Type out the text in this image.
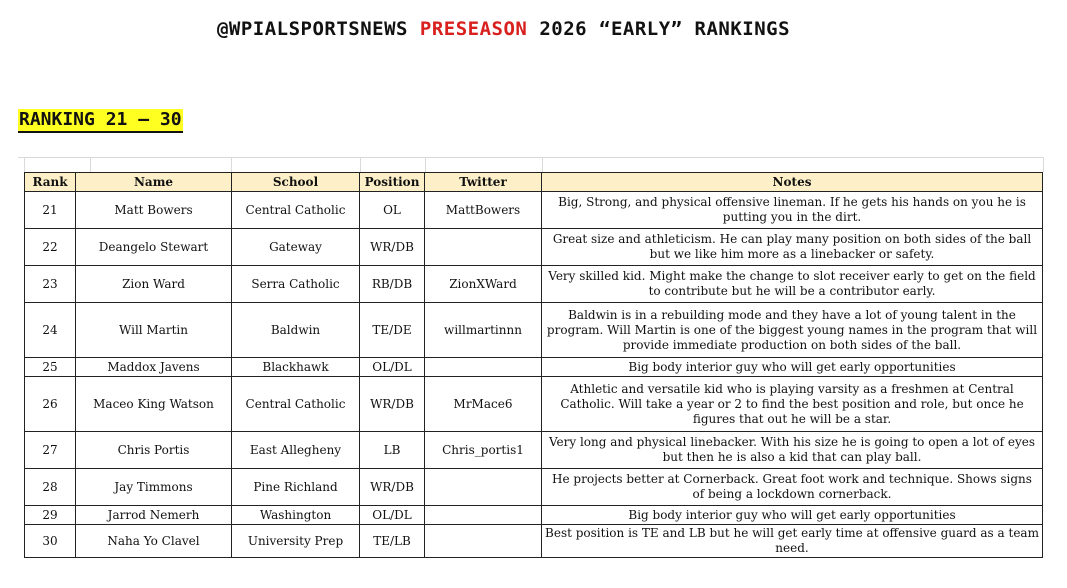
@WPIALSPORTSNEWS PRESEASON 2026 “EARLY” RANKINGS
RANKING 21 – 30
Rank	Name	School	Position	Twitter	Notes
21	Matt Bowers	Central Catholic	OL	MattBowers	Big, Strong, and physical offensive lineman. If he gets his hands on you he is putting you in the dirt.
22	Deangelo Stewart	Gateway	WR/DB		Great size and athleticism. He can play many position on both sides of the ball but we like him more as a linebacker or safety.
23	Zion Ward	Serra Catholic	RB/DB	ZionXWard	Very skilled kid. Might make the change to slot receiver early to get on the field to contribute but he will be a contributor early.
24	Will Martin	Baldwin	TE/DE	willmartinnn	Baldwin is in a rebuilding mode and they have a lot of young talent in the program. Will Martin is one of the biggest young names in the program that will provide immediate production on both sides of the ball.
25	Maddox Javens	Blackhawk	OL/DL		Big body interior guy who will get early opportunities
26	Maceo King Watson	Central Catholic	WR/DB	MrMace6	Athletic and versatile kid who is playing varsity as a freshmen at Central Catholic. Will take a year or 2 to find the best position and role, but once he figures that out he will be a star.
27	Chris Portis	East Allegheny	LB	Chris_portis1	Very long and physical linebacker. With his size he is going to open a lot of eyes but then he is also a kid that can play ball.
28	Jay Timmons	Pine Richland	WR/DB		He projects better at Cornerback. Great foot work and technique. Shows signs of being a lockdown cornerback.
29	Jarrod Nemerh	Washington	OL/DL		Big body interior guy who will get early opportunities
30	Naha Yo Clavel	University Prep	TE/LB		Best position is TE and LB but he will get early time at offensive guard as a team need.
